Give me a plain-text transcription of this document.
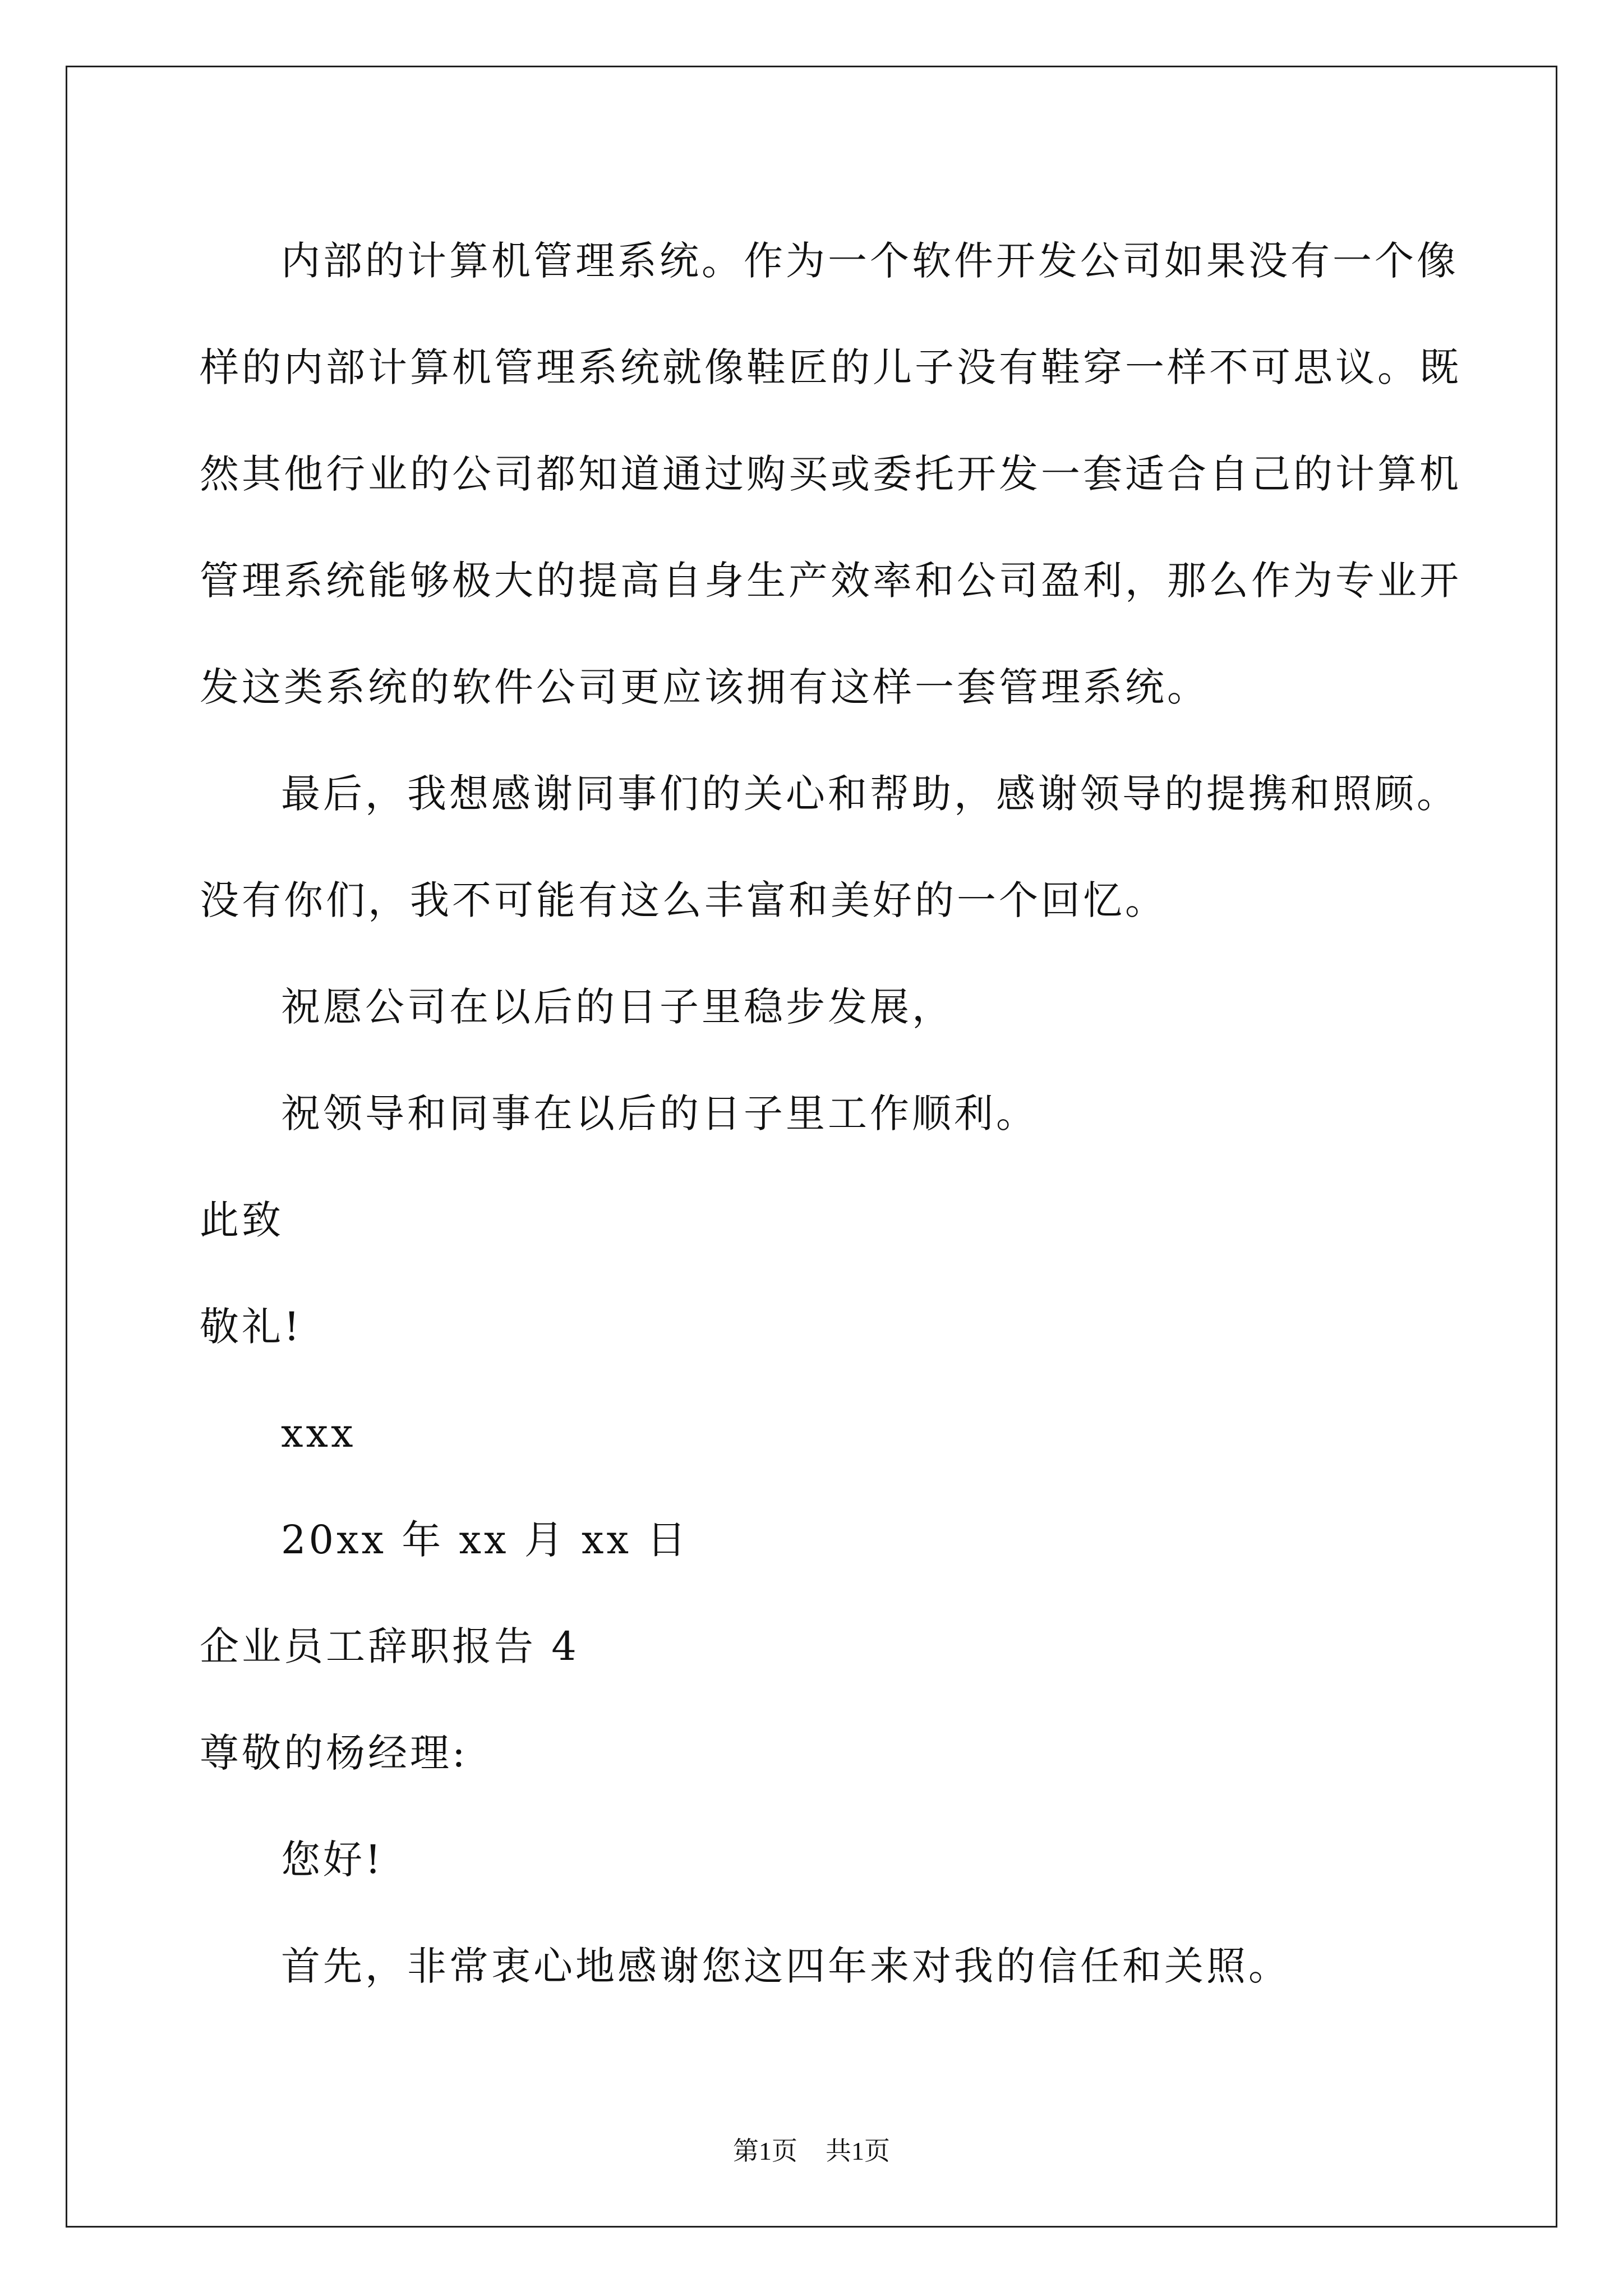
内部的计算机管理系统。作为一个软件开发公司如果没有一个像
样的内部计算机管理系统就像鞋匠的儿子没有鞋穿一样不可思议。既
然其他行业的公司都知道通过购买或委托开发一套适合自己的计算机
管理系统能够极大的提高自身生产效率和公司盈利，那么作为专业开
发这类系统的软件公司更应该拥有这样一套管理系统。
最后，我想感谢同事们的关心和帮助，感谢领导的提携和照顾。
没有你们，我不可能有这么丰富和美好的一个回忆。
祝愿公司在以后的日子里稳步发展，
祝领导和同事在以后的日子里工作顺利。
此致
敬礼!
xxx
20xx 年 xx 月 xx 日
企业员工辞职报告 4
尊敬的杨经理:
您好!
首先，非常衷心地感谢您这四年来对我的信任和关照。
第1页 共1页
